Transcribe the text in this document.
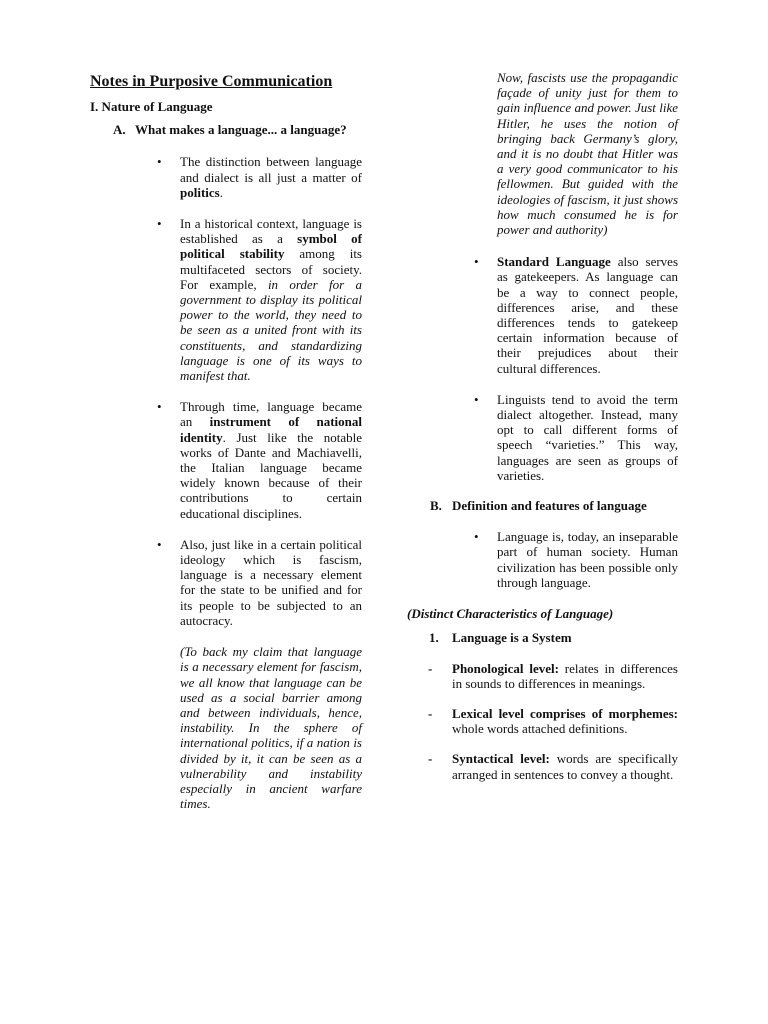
Notes in Purposive Communication
I. Nature of Language
A. What makes a language... a language?
• The distinction between language and dialect is all just a matter of politics.
• In a historical context, language is established as a symbol of political stability among its multifaceted sectors of society. For example, in order for a government to display its political power to the world, they need to be seen as a united front with its constituents, and standardizing language is one of its ways to manifest that.
• Through time, language became an instrument of national identity. Just like the notable works of Dante and Machiavelli, the Italian language became widely known because of their contributions to certain educational disciplines.
• Also, just like in a certain political ideology which is fascism, language is a necessary element for the state to be unified and for its people to be subjected to an autocracy.
(To back my claim that language is a necessary element for fascism, we all know that language can be used as a social barrier among and between individuals, hence, instability. In the sphere of international politics, if a nation is divided by it, it can be seen as a vulnerability and instability especially in ancient warfare times.
Now, fascists use the propagandic façade of unity just for them to gain influence and power. Just like Hitler, he uses the notion of bringing back Germany’s glory, and it is no doubt that Hitler was a very good communicator to his fellowmen. But guided with the ideologies of fascism, it just shows how much consumed he is for power and authority)
• Standard Language also serves as gatekeepers. As language can be a way to connect people, differences arise, and these differences tends to gatekeep certain information because of their prejudices about their cultural differences.
• Linguists tend to avoid the term dialect altogether. Instead, many opt to call different forms of speech “varieties.” This way, languages are seen as groups of varieties.
B. Definition and features of language
• Language is, today, an inseparable part of human society. Human civilization has been possible only through language.
(Distinct Characteristics of Language)
1.	Language is a System
-	Phonological level: relates in differences in sounds to differences in meanings.
-	Lexical level comprises of morphemes: whole words attached definitions.
-	Syntactical level: words are specifically arranged in sentences to convey a thought.
